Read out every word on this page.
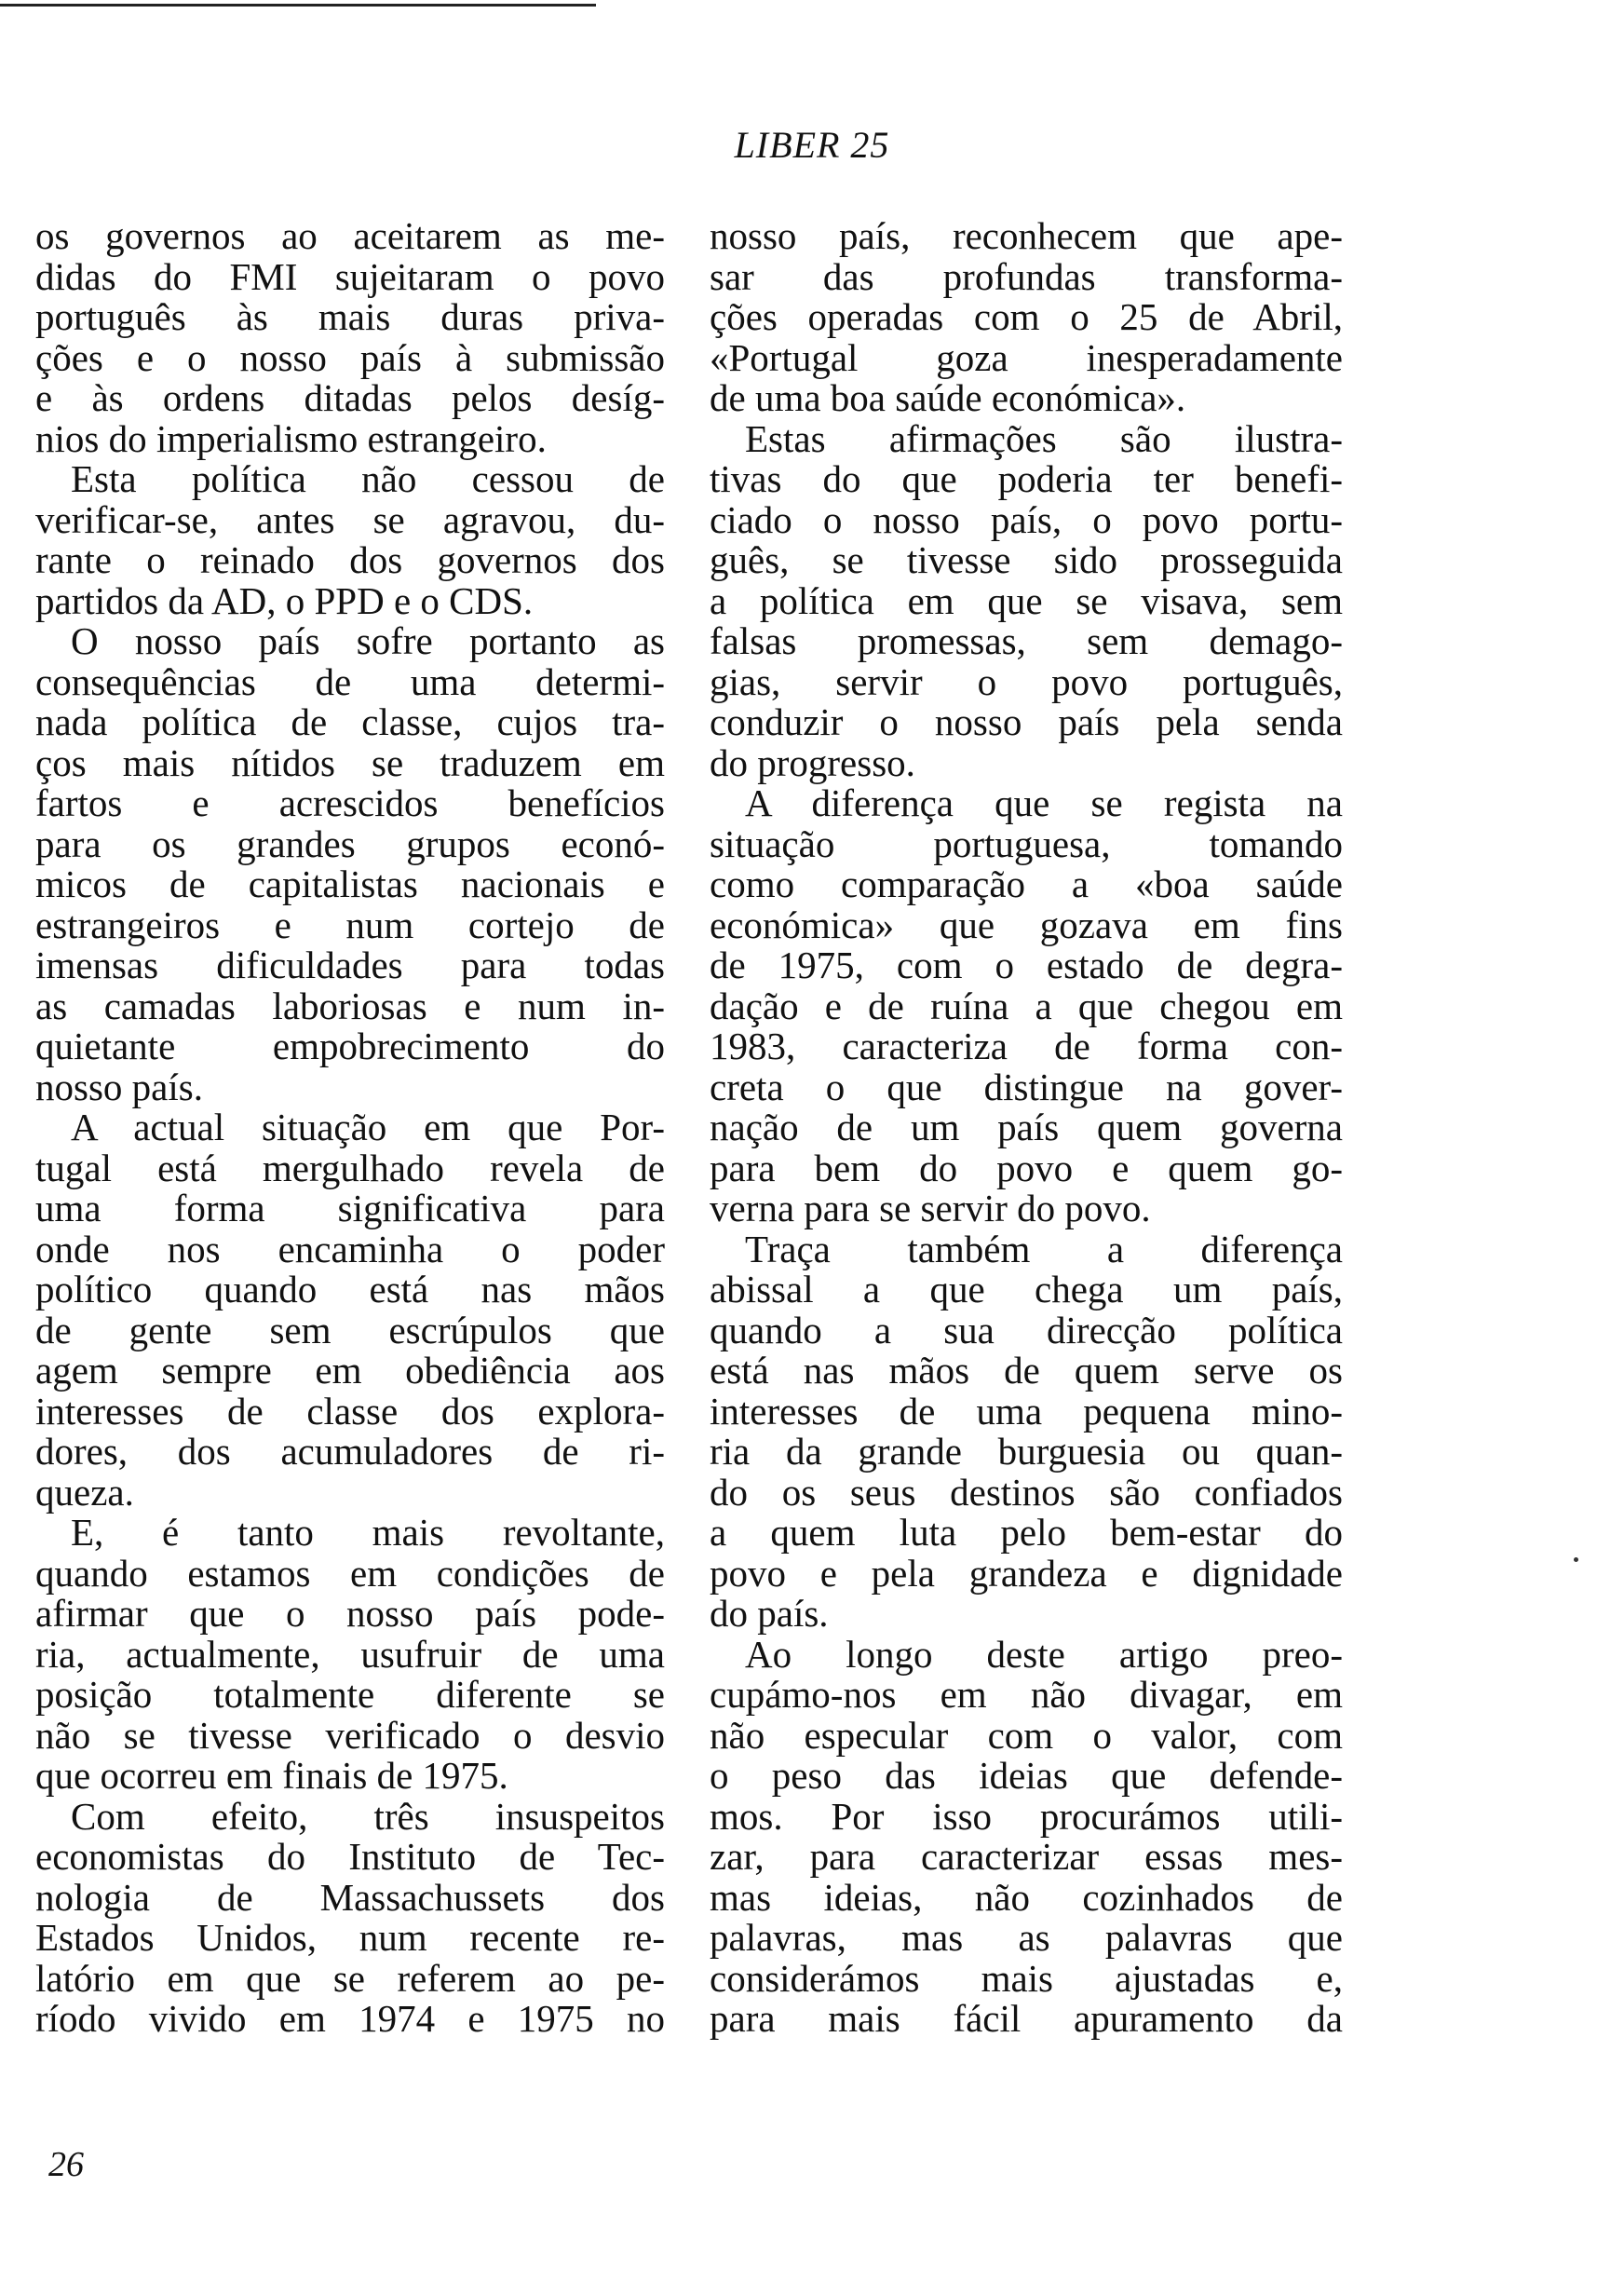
LIBER 25
os governos ao aceitarem as me-
didas do FMI sujeitaram o povo
português às mais duras priva-
ções e o nosso país à submissão
e às ordens ditadas pelos desíg-
nios do imperialismo estrangeiro.
Esta política não cessou de
verificar-se, antes se agravou, du-
rante o reinado dos governos dos
partidos da AD, o PPD e o CDS.
O nosso país sofre portanto as
consequências de uma determi-
nada política de classe, cujos tra-
ços mais nítidos se traduzem em
fartos e acrescidos benefícios
para os grandes grupos econó-
micos de capitalistas nacionais e
estrangeiros e num cortejo de
imensas dificuldades para todas
as camadas laboriosas e num in-
quietante empobrecimento do
nosso país.
A actual situação em que Por-
tugal está mergulhado revela de
uma forma significativa para
onde nos encaminha o poder
político quando está nas mãos
de gente sem escrúpulos que
agem sempre em obediência aos
interesses de classe dos explora-
dores, dos acumuladores de ri-
queza.
E, é tanto mais revoltante,
quando estamos em condições de
afirmar que o nosso país pode-
ria, actualmente, usufruir de uma
posição totalmente diferente se
não se tivesse verificado o desvio
que ocorreu em finais de 1975.
Com efeito, três insuspeitos
economistas do Instituto de Tec-
nologia de Massachussets dos
Estados Unidos, num recente re-
latório em que se referem ao pe-
ríodo vivido em 1974 e 1975 no
nosso país, reconhecem que ape-
sar das profundas transforma-
ções operadas com o 25 de Abril,
«Portugal goza inesperadamente
de uma boa saúde económica».
Estas afirmações são ilustra-
tivas do que poderia ter benefi-
ciado o nosso país, o povo portu-
guês, se tivesse sido prosseguida
a política em que se visava, sem
falsas promessas, sem demago-
gias, servir o povo português,
conduzir o nosso país pela senda
do progresso.
A diferença que se regista na
situação portuguesa, tomando
como comparação a «boa saúde
económica» que gozava em fins
de 1975, com o estado de degra-
dação e de ruína a que chegou em
1983, caracteriza de forma con-
creta o que distingue na gover-
nação de um país quem governa
para bem do povo e quem go-
verna para se servir do povo.
Traça também a diferença
abissal a que chega um país,
quando a sua direcção política
está nas mãos de quem serve os
interesses de uma pequena mino-
ria da grande burguesia ou quan-
do os seus destinos são confiados
a quem luta pelo bem-estar do
povo e pela grandeza e dignidade
do país.
Ao longo deste artigo preo-
cupámo-nos em não divagar, em
não especular com o valor, com
o peso das ideias que defende-
mos. Por isso procurámos utili-
zar, para caracterizar essas mes-
mas ideias, não cozinhados de
palavras, mas as palavras que
considerámos mais ajustadas e,
para mais fácil apuramento da
26
